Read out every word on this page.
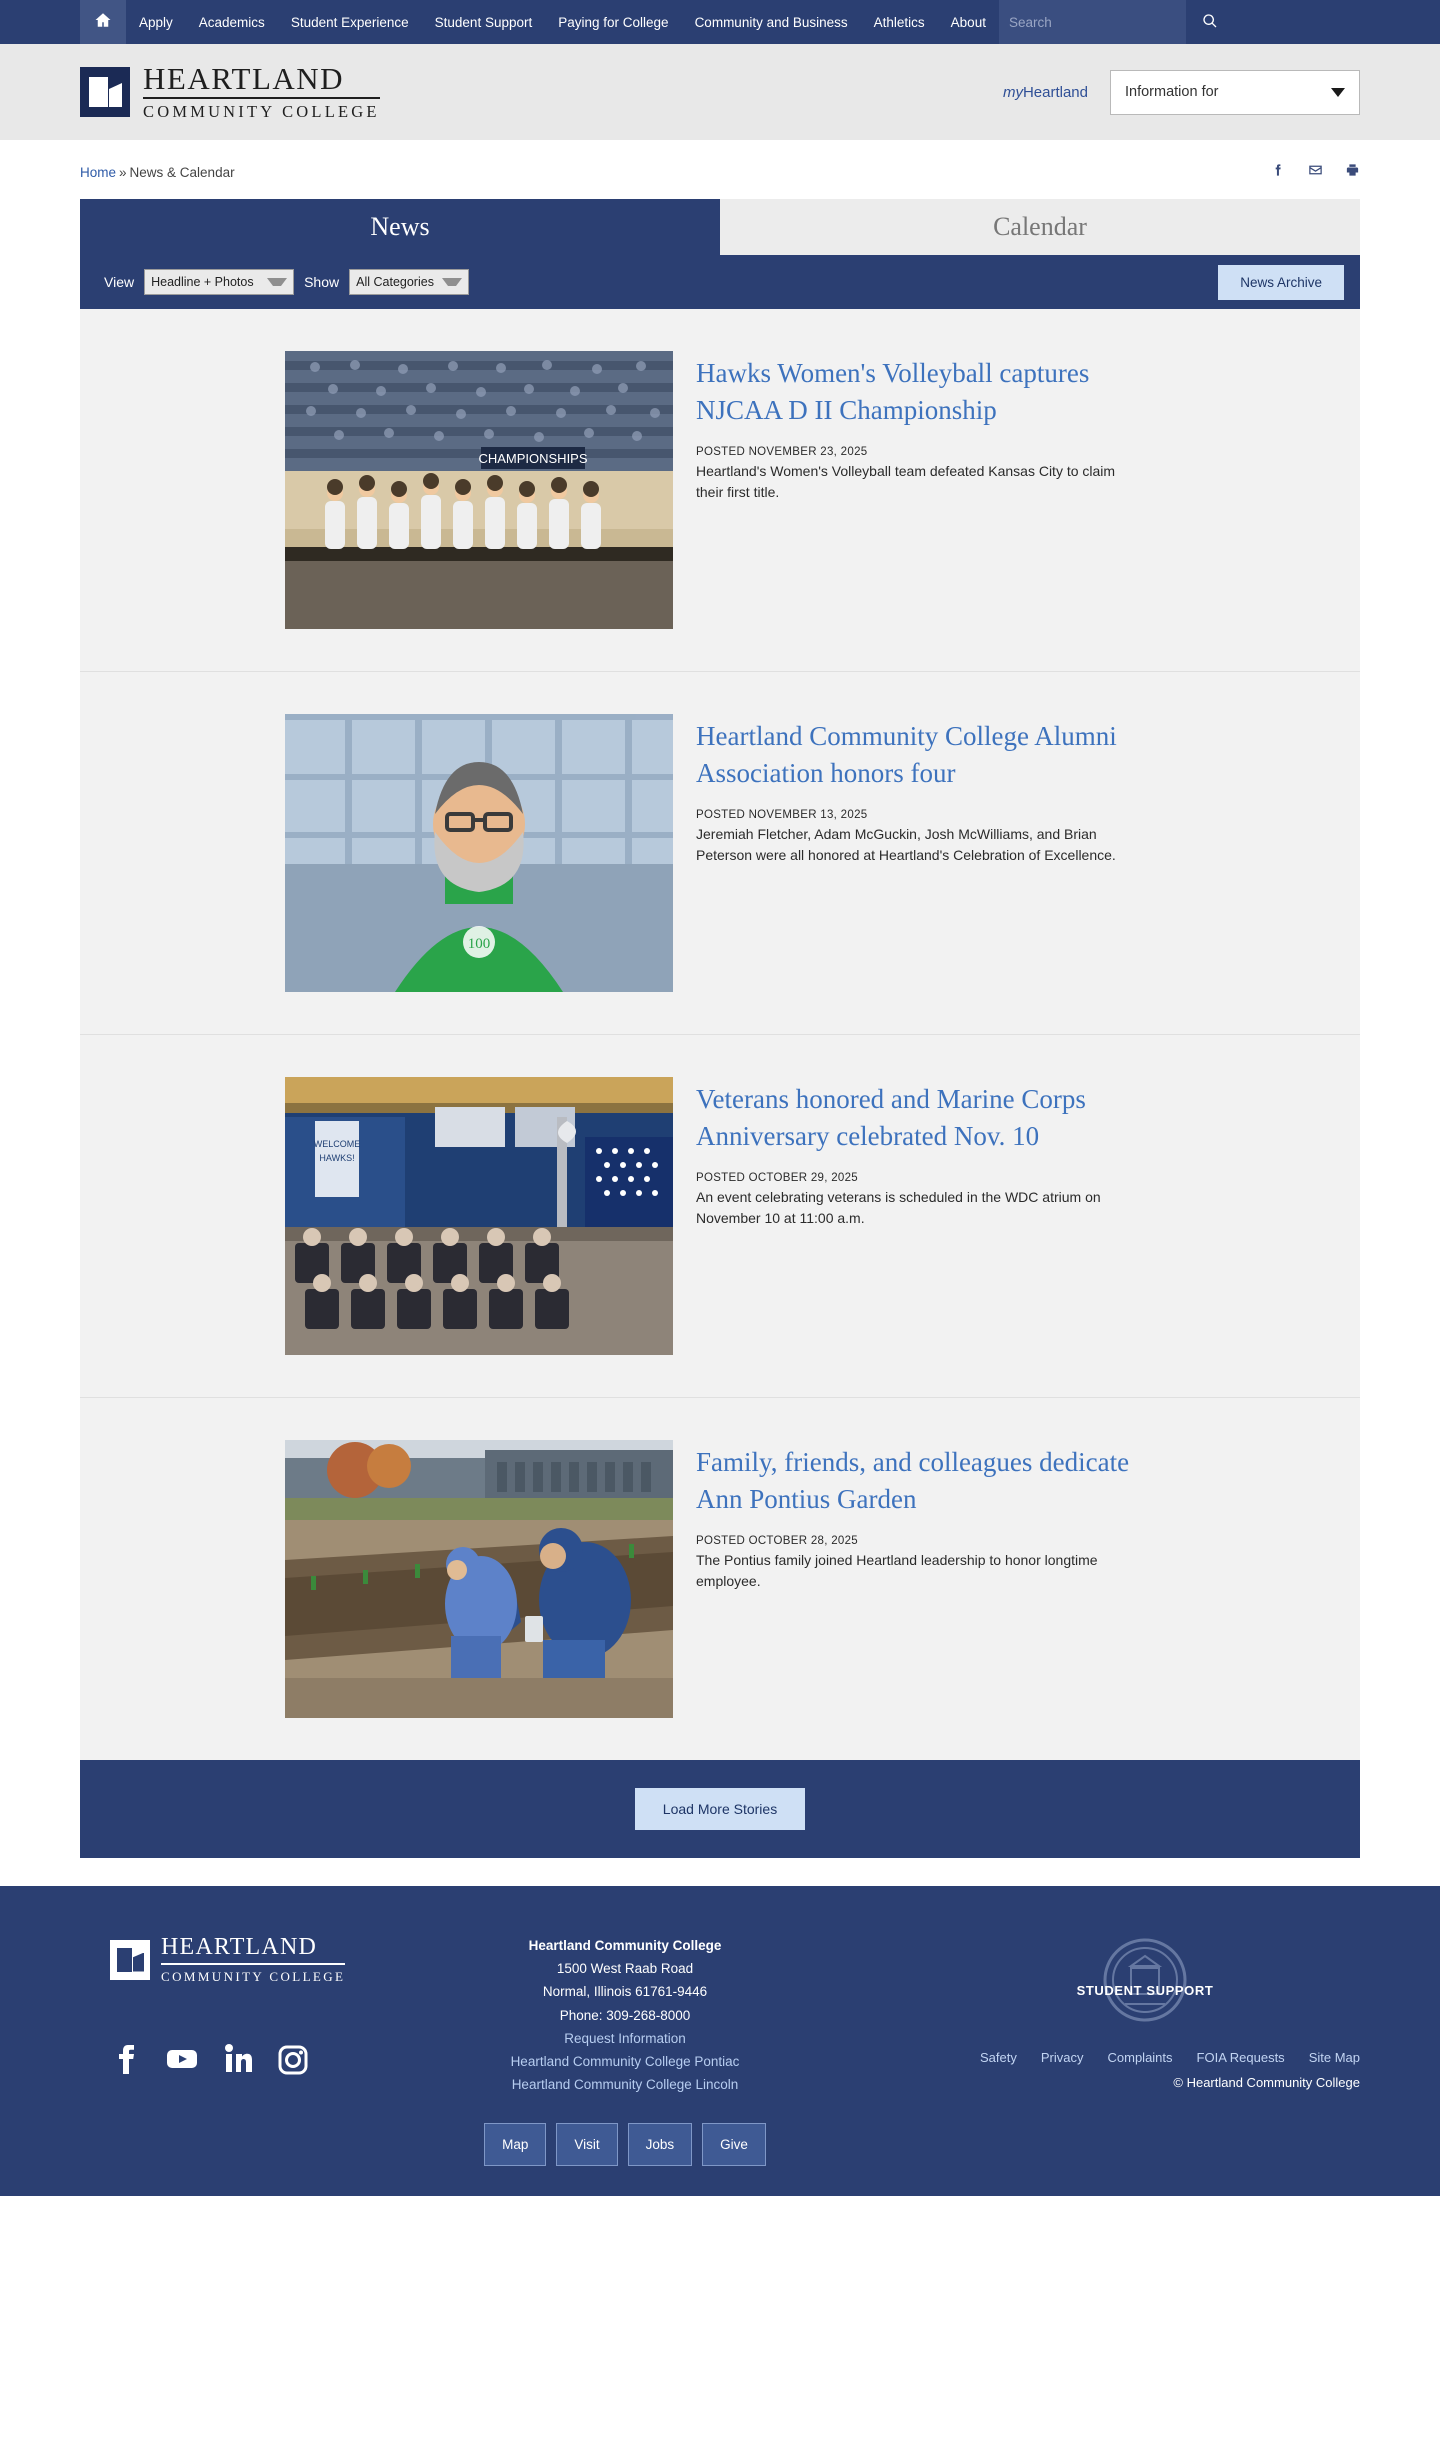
Apply Academics Student Experience Student Support Paying for College Community and Business Athletics About
Search
HEARTLAND
COMMUNITY COLLEGE
myHeartland	Information for
Home » News & Calendar
News	Calendar
View Headline + Photos	Show All Categories	News Archive
CHAMPIONSHIPS
Hawks Women's Volleyball captures NJCAA D II Championship
POSTED NOVEMBER 23, 2025
Heartland's Women's Volleyball team defeated Kansas City to claim their first title.
100
Heartland Community College Alumni Association honors four
POSTED NOVEMBER 13, 2025
Jeremiah Fletcher, Adam McGuckin, Josh McWilliams, and Brian Peterson were all honored at Heartland's Celebration of Excellence.
WELCOME
HAWKS!
Veterans honored and Marine Corps Anniversary celebrated Nov. 10
POSTED OCTOBER 29, 2025
An event celebrating veterans is scheduled in the WDC atrium on November 10 at 11:00 a.m.
Family, friends, and colleagues dedicate Ann Pontius Garden
POSTED OCTOBER 28, 2025
The Pontius family joined Heartland leadership to honor longtime employee.
Load More Stories
HEARTLAND
COMMUNITY COLLEGE
Heartland Community College
1500 West Raab Road
Normal, Illinois 61761-9446
Phone: 309-268-8000
Request Information
Heartland Community College Pontiac
Heartland Community College Lincoln
Map	Visit	Jobs	Give
STUDENT SUPPORT
Safety Privacy Complaints FOIA Requests Site Map
© Heartland Community College
